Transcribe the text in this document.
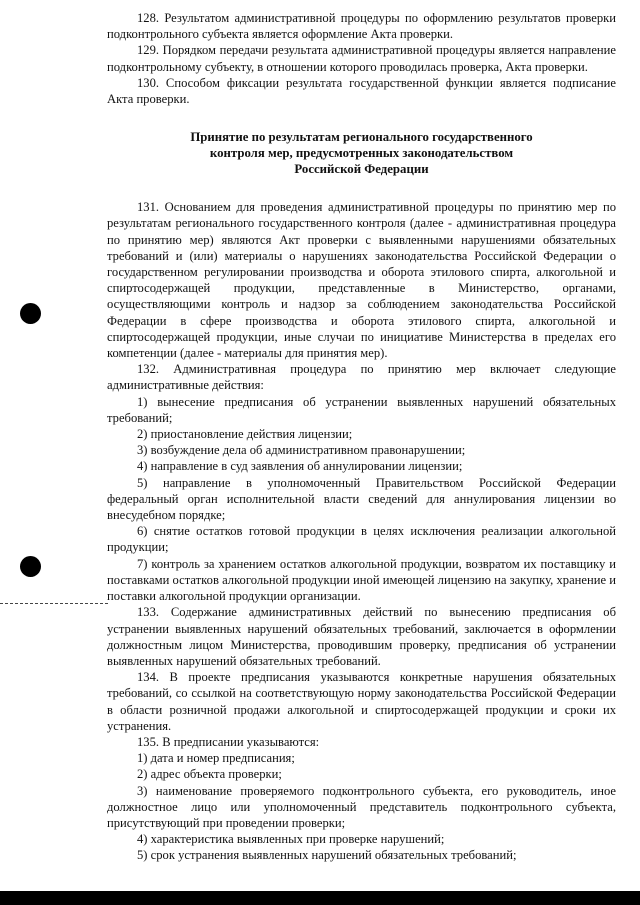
128. Результатом административной процедуры по оформлению результатов проверки подконтрольного субъекта является оформление Акта проверки.

129. Порядком передачи результата административной процедуры является направление подконтрольному субъекту, в отношении которого проводилась проверка, Акта проверки.

130. Способом фиксации результата государственной функции является подписание Акта проверки.

Принятие по результатам регионального государственного
контроля мер, предусмотренных законодательством
Российской Федерации

131. Основанием для проведения административной процедуры по принятию мер по результатам регионального государственного контроля (далее - административная процедура по принятию мер) являются Акт проверки с выявленными нарушениями обязательных требований и (или) материалы о нарушениях законодательства Российской Федерации о государственном регулировании производства и оборота этилового спирта, алкогольной и спиртосодержащей продукции, представленные в Министерство, органами, осуществляющими контроль и надзор за соблюдением законодательства Российской Федерации в сфере производства и оборота этилового спирта, алкогольной и спиртосодержащей продукции, иные случаи по инициативе Министерства в пределах его компетенции (далее - материалы для принятия мер).

132. Административная процедура по принятию мер включает следующие административные действия:

1) вынесение предписания об устранении выявленных нарушений обязательных требований;

2) приостановление действия лицензии;

3) возбуждение дела об административном правонарушении;

4) направление в суд заявления об аннулировании лицензии;

5) направление в уполномоченный Правительством Российской Федерации федеральный орган исполнительной власти сведений для аннулирования лицензии во внесудебном порядке;

6) снятие остатков готовой продукции в целях исключения реализации алкогольной продукции;

7) контроль за хранением остатков алкогольной продукции, возвратом их поставщику и поставками остатков алкогольной продукции иной имеющей лицензию на закупку, хранение и поставки алкогольной продукции организации.

133. Содержание административных действий по вынесению предписания об устранении выявленных нарушений обязательных требований, заключается в оформлении должностным лицом Министерства, проводившим проверку, предписания об устранении выявленных нарушений обязательных требований.

134. В проекте предписания указываются конкретные нарушения обязательных требований, со ссылкой на соответствующую норму законодательства Российской Федерации в области розничной продажи алкогольной и спиртосодержащей продукции и сроки их устранения.

135. В предписании указываются:

1) дата и номер предписания;

2) адрес объекта проверки;

3) наименование проверяемого подконтрольного субъекта, его руководитель, иное должностное лицо или уполномоченный представитель подконтрольного субъекта, присутствующий при проведении проверки;

4) характеристика выявленных при проверке нарушений;

5) срок устранения выявленных нарушений обязательных требований;
